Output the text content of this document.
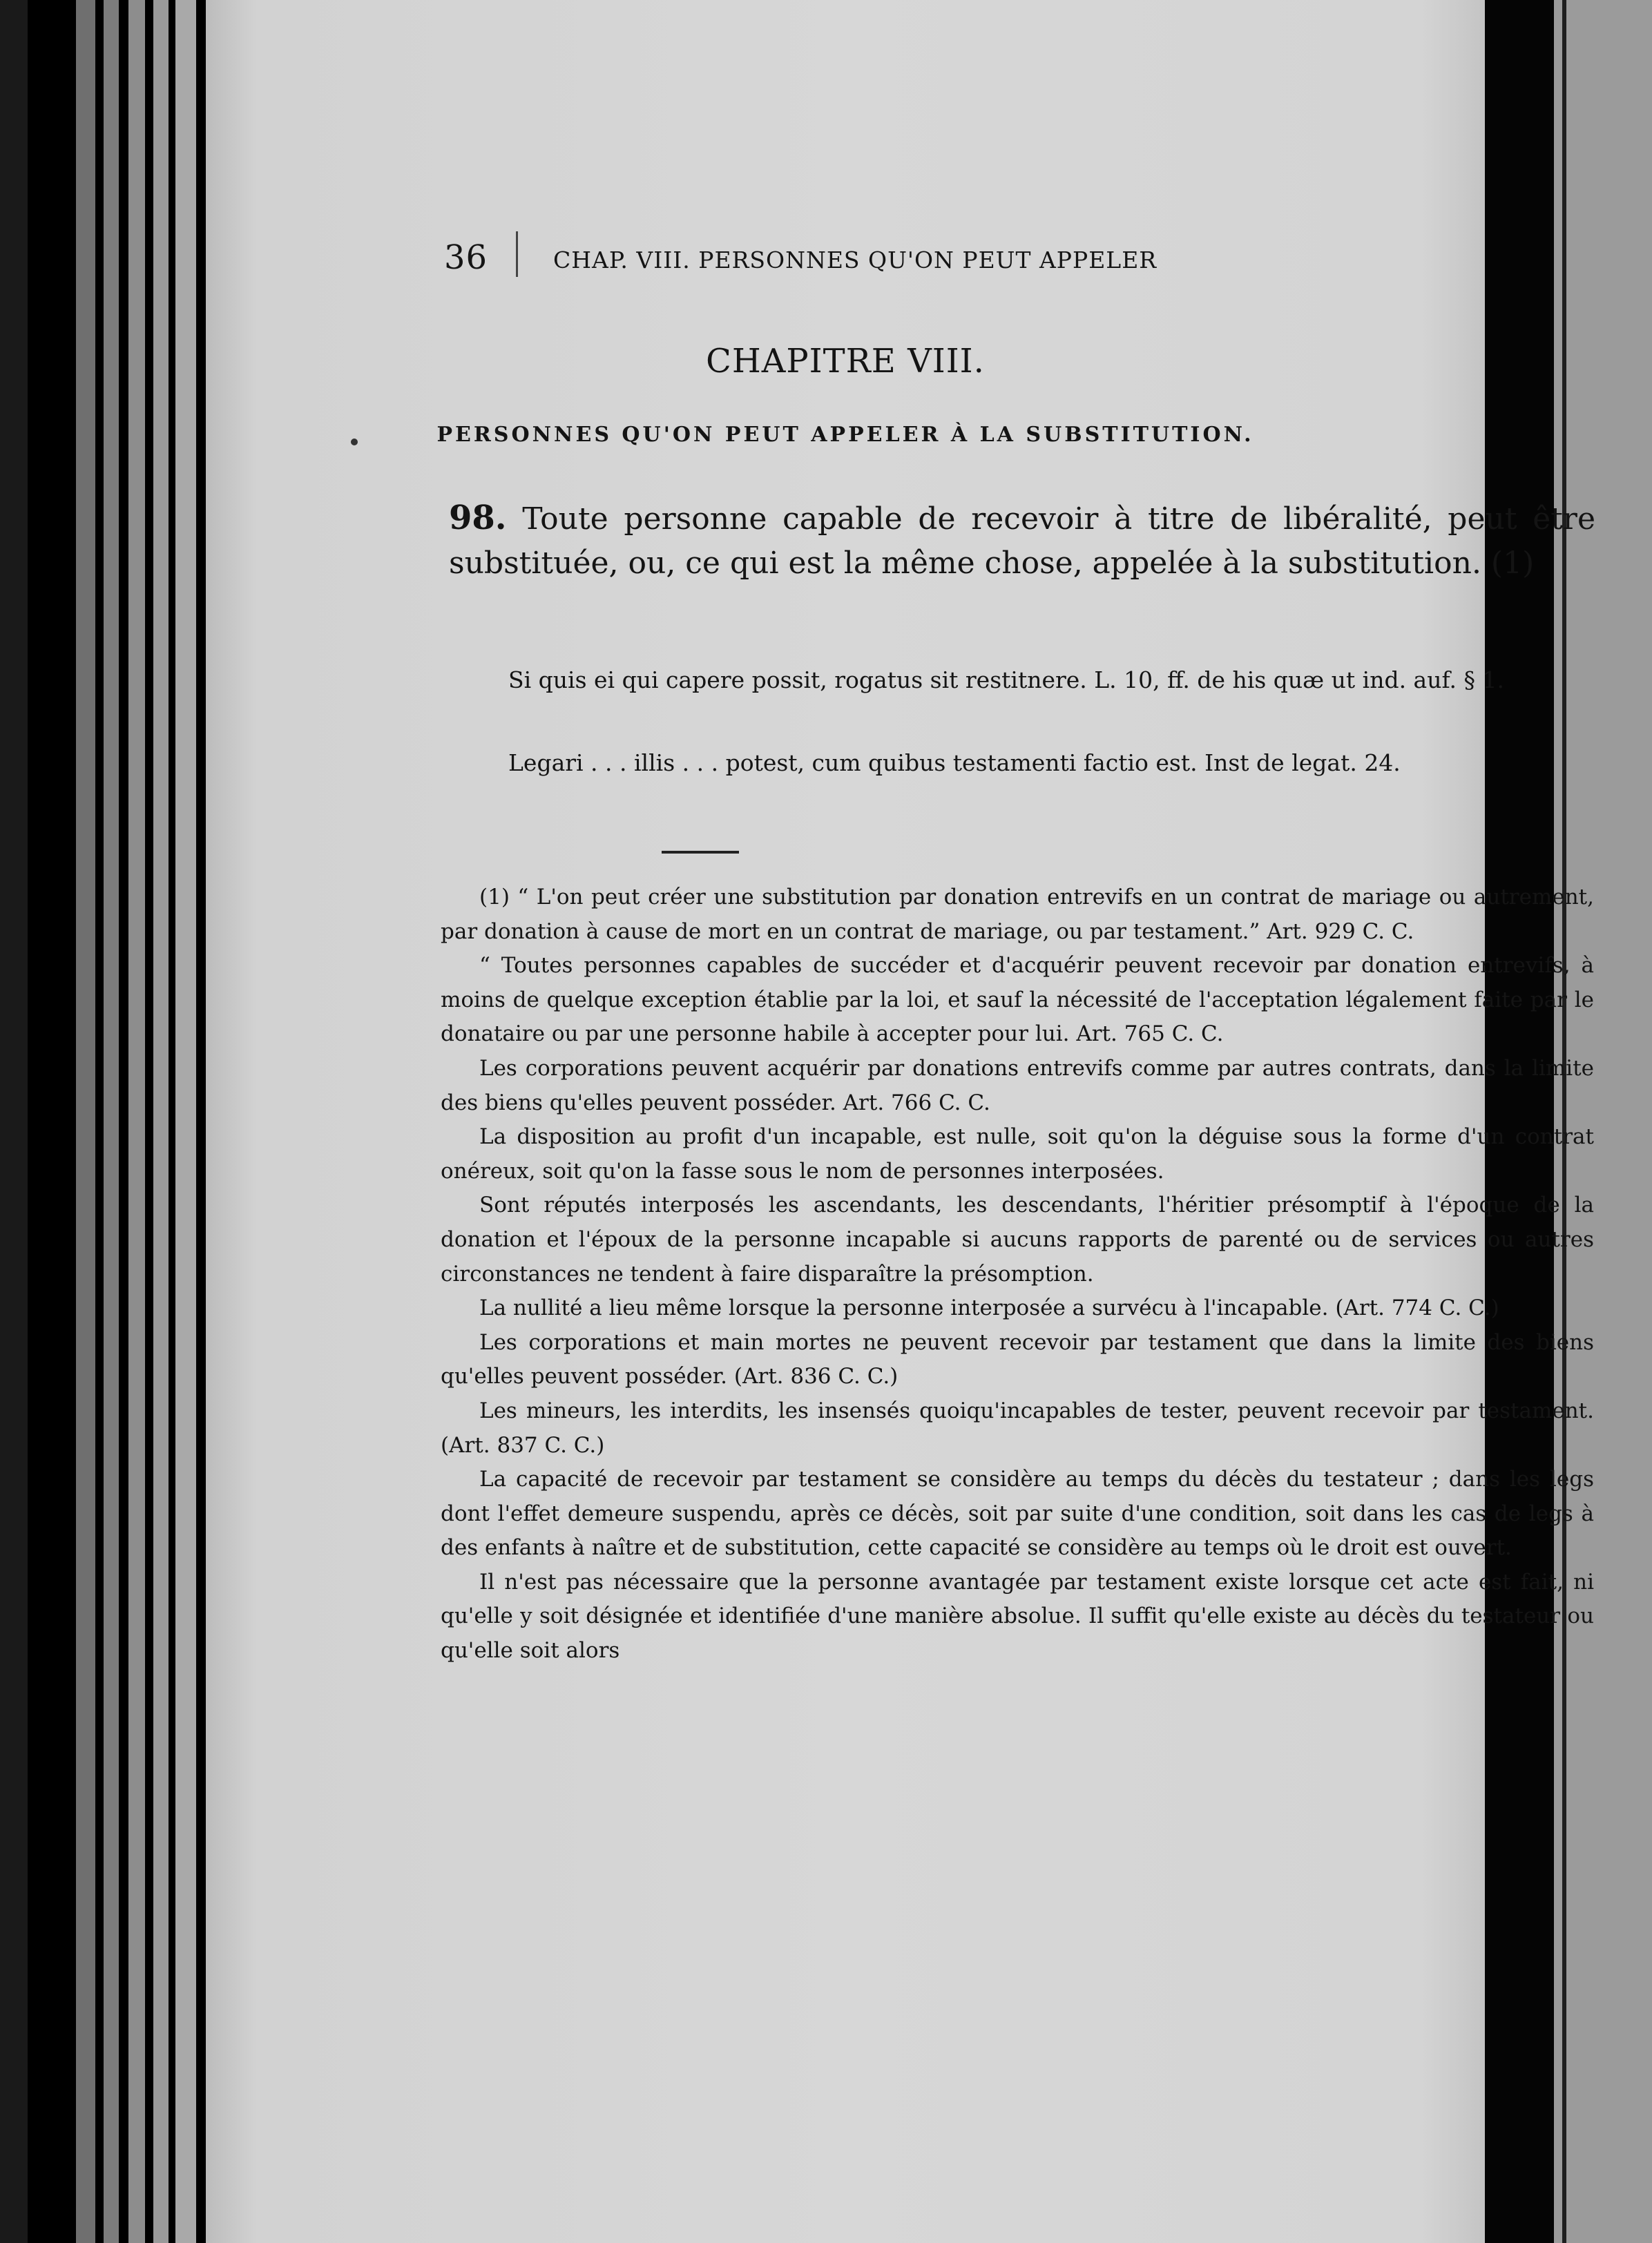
36	CHAP. VIII. PERSONNES QU'ON PEUT APPELER
CHAPITRE VIII.
PERSONNES QU'ON PEUT APPELER À LA SUBSTITUTION.
98. Toute personne capable de recevoir à titre de libéralité, peut être substituée, ou, ce qui est la même chose, appelée à la substitution. (1)
Si quis ei qui capere possit, rogatus sit restitnere. L. 10, ff. de his quæ ut ind. auf. § 1.
Legari . . . illis . . . potest, cum quibus testamenti factio est. Inst de legat. 24.

(1) “ L'on peut créer une substitution par donation entrevifs en un contrat de mariage ou autrement, par donation à cause de mort en un contrat de mariage, ou par testament.” Art. 929 C. C.

“ Toutes personnes capables de succéder et d'acquérir peuvent recevoir par donation entrevifs, à moins de quelque exception établie par la loi, et sauf la nécessité de l'acceptation légalement faite par le donataire ou par une personne habile à accepter pour lui. Art. 765 C. C.

Les corporations peuvent acquérir par donations entrevifs comme par autres contrats, dans la limite des biens qu'elles peuvent posséder. Art. 766 C. C.

La disposition au profit d'un incapable, est nulle, soit qu'on la déguise sous la forme d'un contrat onéreux, soit qu'on la fasse sous le nom de personnes interposées.

Sont réputés interposés les ascendants, les descendants, l'héritier présomptif à l'époque de la donation et l'époux de la personne incapable si aucuns rapports de parenté ou de services ou autres circonstances ne tendent à faire disparaître la présomption.

La nullité a lieu même lorsque la personne interposée a survécu à l'incapable. (Art. 774 C. C.)

Les corporations et main mortes ne peuvent recevoir par testament que dans la limite des biens qu'elles peuvent posséder. (Art. 836 C. C.)

Les mineurs, les interdits, les insensés quoiqu'incapables de tester, peuvent recevoir par testament. (Art. 837 C. C.)

La capacité de recevoir par testament se considère au temps du décès du testateur ; dans les legs dont l'effet demeure suspendu, après ce décès, soit par suite d'une condition, soit dans les cas de legs à des enfants à naître et de substitution, cette capacité se considère au temps où le droit est ouvert.

Il n'est pas nécessaire que la personne avantagée par testament existe lorsque cet acte est fait, ni qu'elle y soit désignée et identifiée d'une manière absolue. Il suffit qu'elle existe au décès du testateur ou qu'elle soit alors
